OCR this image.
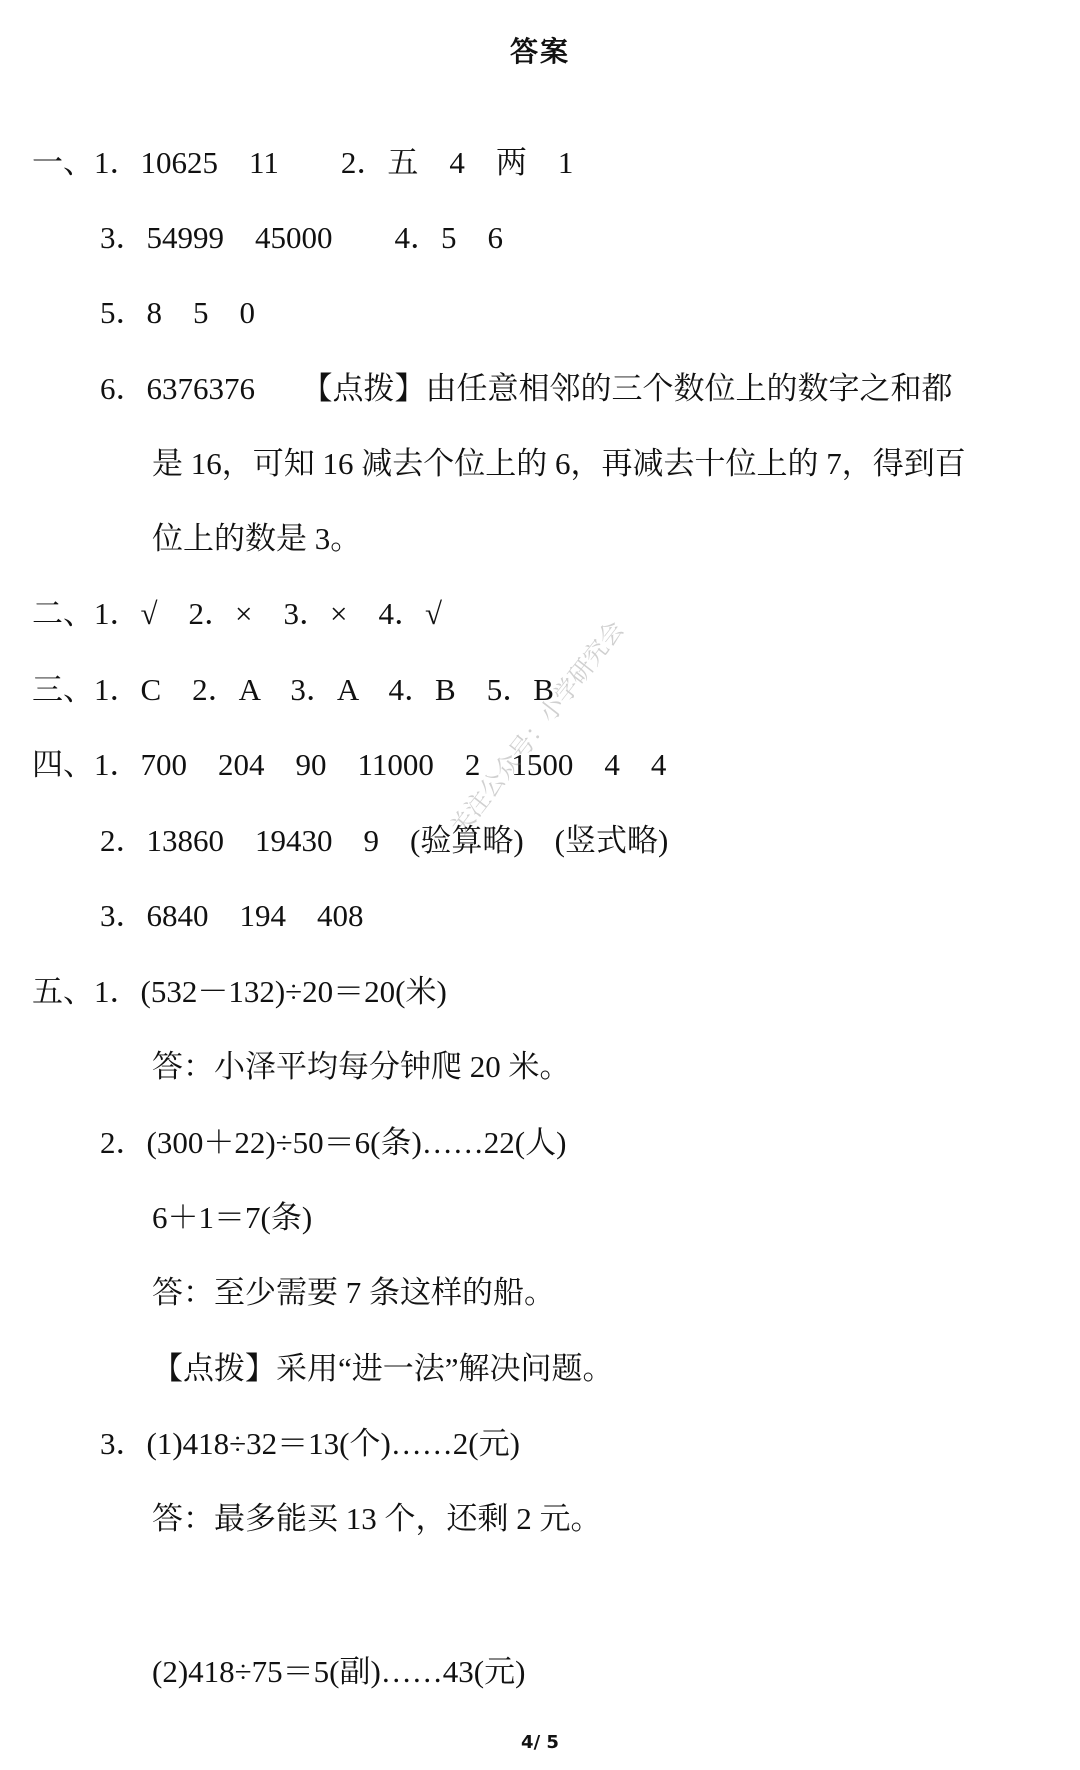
答案
一、1．10625　11　　2．五　4　两　1
3．54999　45000　　4．5　6
5．8　5　0
6．6376376　　【点拨】由任意相邻的三个数位上的数字之和都
是 16，可知 16 减去个位上的 6，再减去十位上的 7，得到百
位上的数是 3。
二、1．√　2．×　3．×　4．√
三、1．C　2．A　3．A　4．B　5．B
四、1．700　204　90　11000　2　1500　4　4
2．13860　19430　9　(验算略)　(竖式略)
3．6840　194　408
五、1．(532－132)÷20＝20(米)
答：小泽平均每分钟爬 20 米。
2．(300＋22)÷50＝6(条)……22(人)
6＋1＝7(条)
答：至少需要 7 条这样的船。
【点拨】采用“进一法”解决问题。
3．(1)418÷32＝13(个)……2(元)
答：最多能买 13 个，还剩 2 元。
(2)418÷75＝5(副)……43(元)
关注公众号：小学研究会
4/ 5
